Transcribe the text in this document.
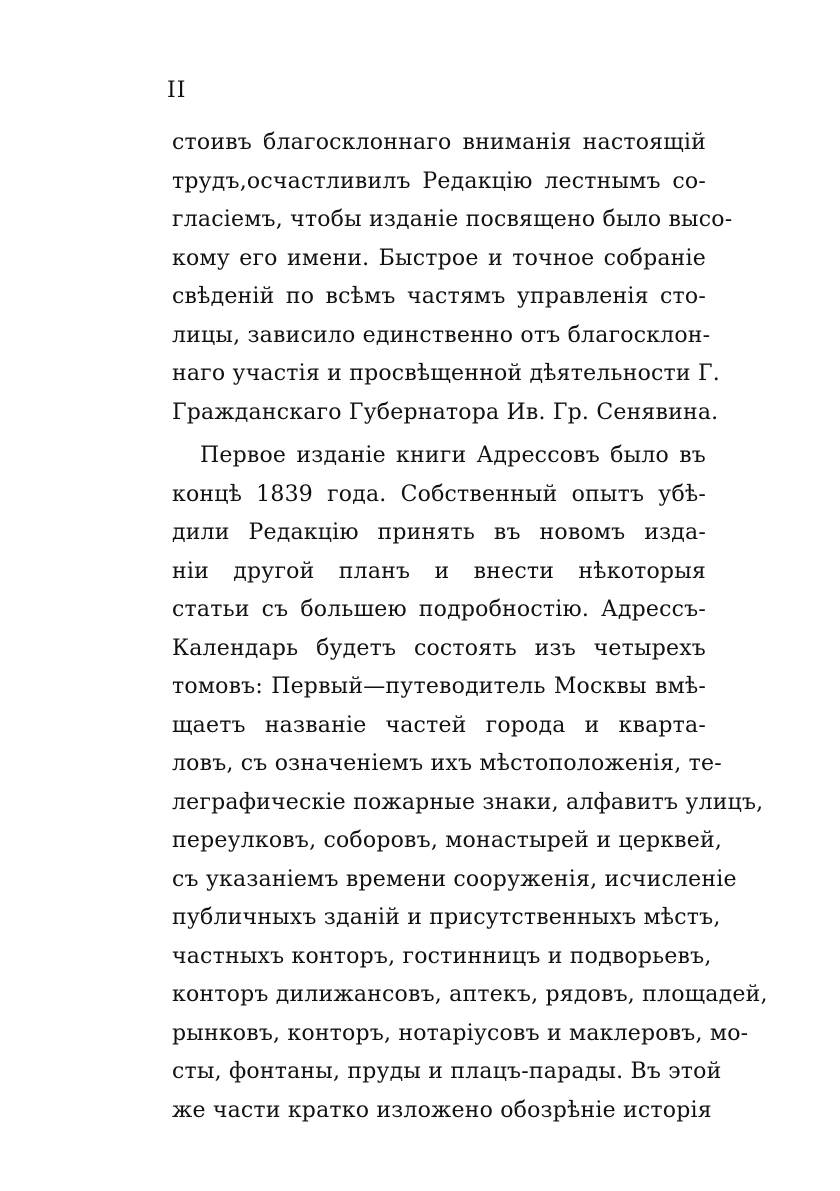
II
стоивъ благосклоннаго вниманія настоящій
трудъ,осчастливилъ Редакцію лестнымъ со-
гласіемъ, чтобы изданіе посвящено было высо-
кому его имени. Быстрое и точное собраніе
свѣденій по всѣмъ частямъ управленія сто-
лицы, зависило единственно отъ благосклон-
наго участія и просвѣщенной дѣятельности Г.
Гражданскаго Губернатора Ив. Гр. Сенявина.
Первое изданіе книги Адрессовъ было въ
концѣ 1839 года. Собственный опытъ убѣ-
дили Редакцію принять въ новомъ изда-
ніи другой планъ и внести нѣкоторыя
статьи съ большею подробностію. Адрессъ-
Календарь будетъ состоять изъ четырехъ
томовъ: Первый—путеводитель Москвы вмѣ-
щаетъ названіе частей города и кварта-
ловъ, съ означеніемъ ихъ мѣстоположенія, те-
леграфическіе пожарные знаки, алфавитъ улицъ,
переулковъ, соборовъ, монастырей и церквей,
съ указаніемъ времени сооруженія, исчисленіе
публичныхъ зданій и присутственныхъ мѣстъ,
частныхъ конторъ, гостинницъ и подворьевъ,
конторъ дилижансовъ, аптекъ, рядовъ, площадей,
рынковъ, конторъ, нотаріусовъ и маклеровъ, мо-
сты, фонтаны, пруды и плацъ-парады. Въ этой
же части кратко изложено обозрѣніе исторія
